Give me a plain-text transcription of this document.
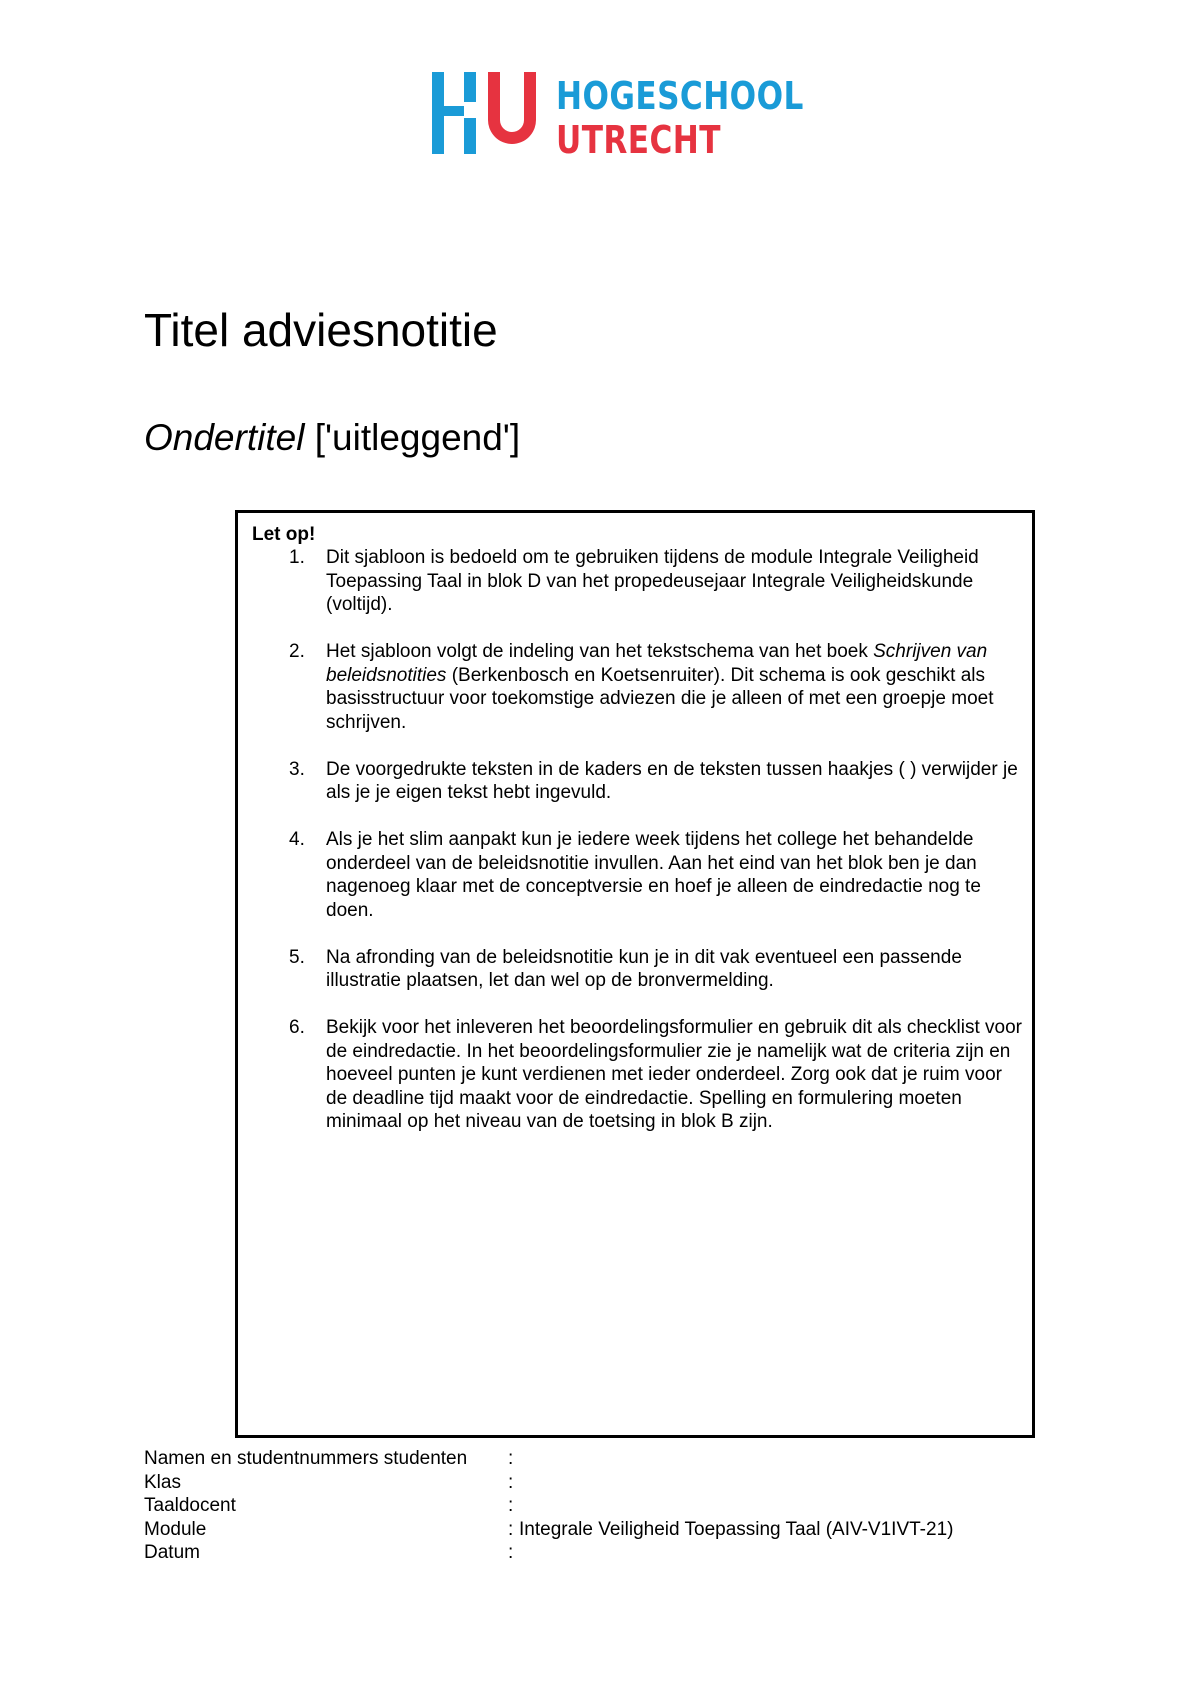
HOGESCHOOL
UTRECHT
Titel adviesnotitie
Ondertitel ['uitleggend']
Let op!
1. Dit sjabloon is bedoeld om te gebruiken tijdens de module Integrale Veiligheid Toepassing Taal in blok D van het propedeusejaar Integrale Veiligheidskunde (voltijd).
2. Het sjabloon volgt de indeling van het tekstschema van het boek Schrijven van beleidsnotities (Berkenbosch en Koetsenruiter). Dit schema is ook geschikt als basisstructuur voor toekomstige adviezen die je alleen of met een groepje moet schrijven.
3. De voorgedrukte teksten in de kaders en de teksten tussen haakjes ( ) verwijder je als je je eigen tekst hebt ingevuld.
4. Als je het slim aanpakt kun je iedere week tijdens het college het behandelde onderdeel van de beleidsnotitie invullen. Aan het eind van het blok ben je dan nagenoeg klaar met de conceptversie en hoef je alleen de eindredactie nog te doen.
5. Na afronding van de beleidsnotitie kun je in dit vak eventueel een passende illustratie plaatsen, let dan wel op de bronvermelding.
6. Bekijk voor het inleveren het beoordelingsformulier en gebruik dit als checklist voor de eindredactie. In het beoordelingsformulier zie je namelijk wat de criteria zijn en hoeveel punten je kunt verdienen met ieder onderdeel. Zorg ook dat je ruim voor de deadline tijd maakt voor de eindredactie. Spelling en formulering moeten minimaal op het niveau van de toetsing in blok B zijn.
Namen en studentnummers studenten :
Klas	:
Taaldocent	:
Module	: Integrale Veiligheid Toepassing Taal (AIV-V1IVT-21)
Datum	:
